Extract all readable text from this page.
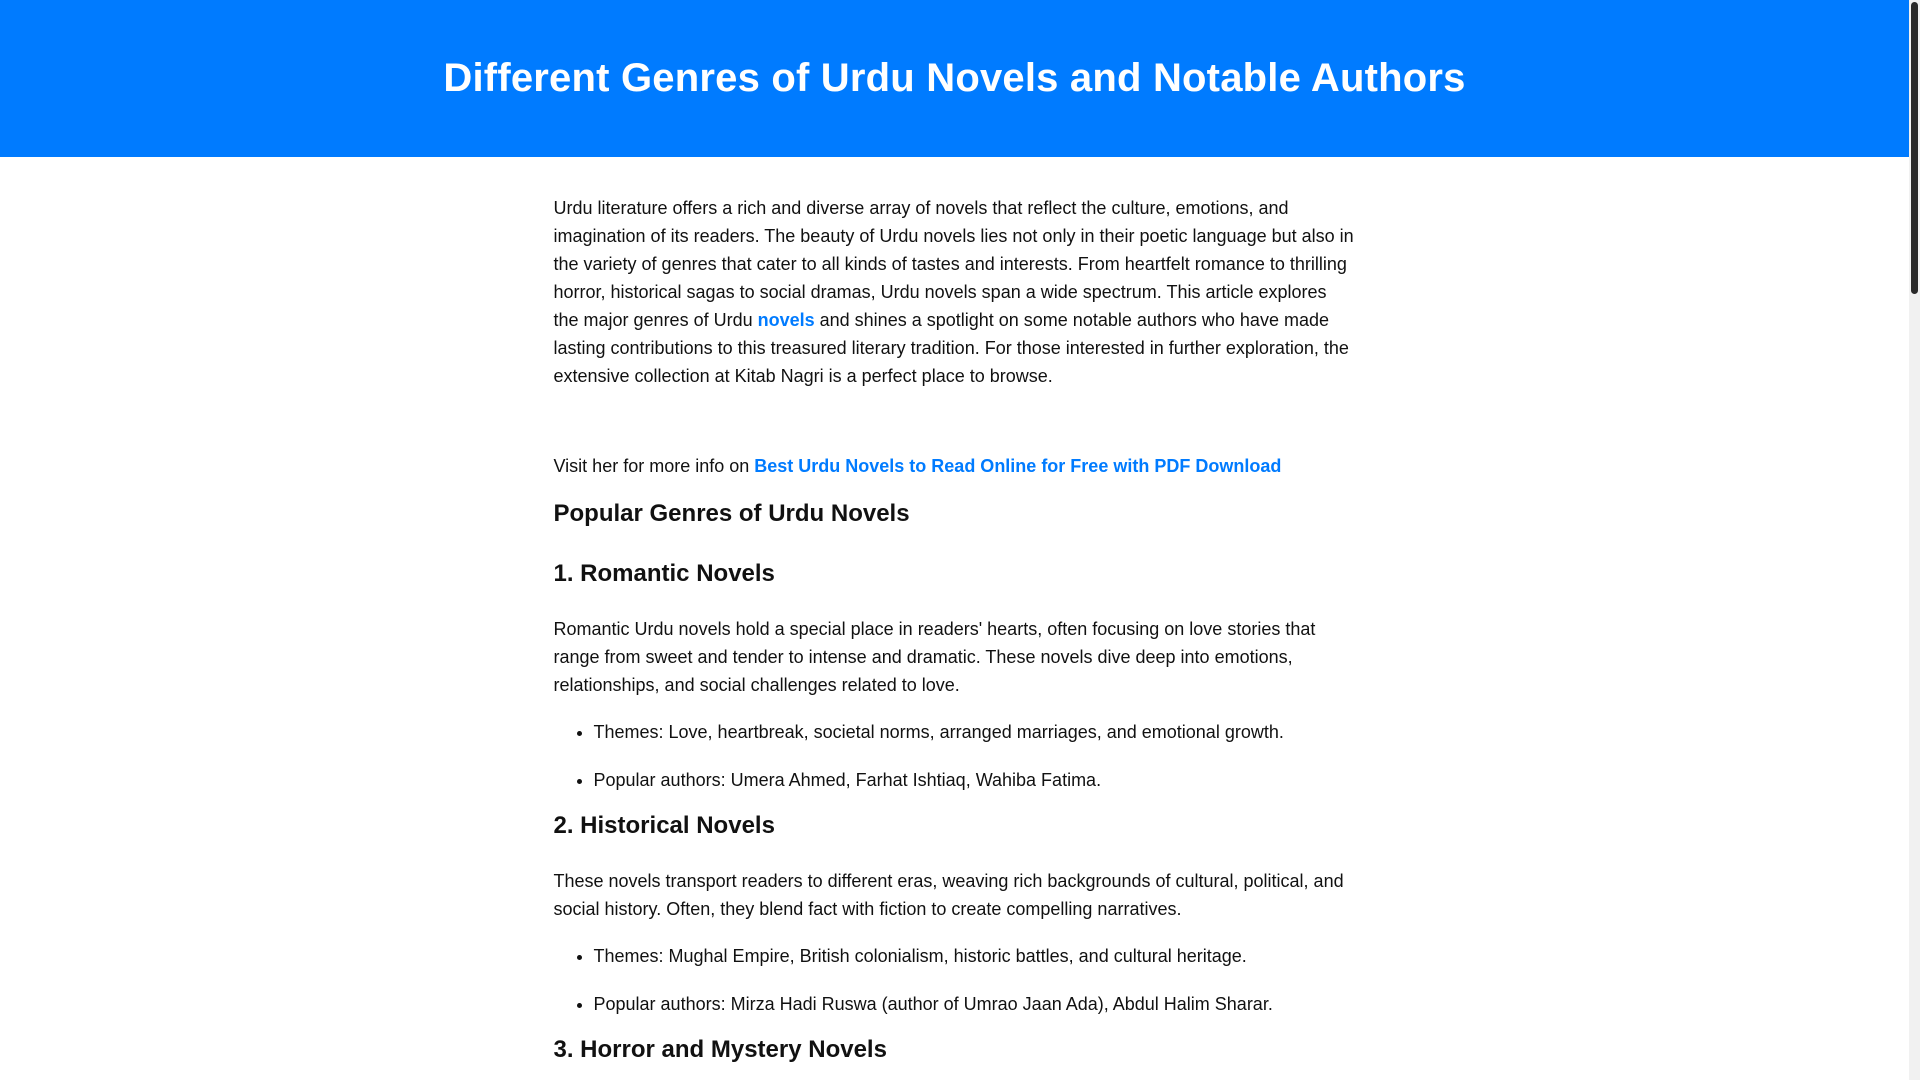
Different Genres of Urdu Novels and Notable Authors

Urdu literature offers a rich and diverse array of novels that reflect the culture, emotions, and imagination of its readers. The beauty of Urdu novels lies not only in their poetic language but also in the variety of genres that cater to all kinds of tastes and interests. From heartfelt romance to thrilling horror, historical sagas to social dramas, Urdu novels span a wide spectrum. This article explores the major genres of Urdu novels and shines a spotlight on some notable authors who have made lasting contributions to this treasured literary tradition. For those interested in further exploration, the extensive collection at Kitab Nagri is a perfect place to browse.

Visit her for more info on Best Urdu Novels to Read Online for Free with PDF Download

Popular Genres of Urdu Novels
1. Romantic Novels

Romantic Urdu novels hold a special place in readers' hearts, often focusing on love stories that range from sweet and tender to intense and dramatic. These novels dive deep into emotions, relationships, and social challenges related to love.

• Themes: Love, heartbreak, societal norms, arranged marriages, and emotional growth.
• Popular authors: Umera Ahmed, Farhat Ishtiaq, Wahiba Fatima.
2. Historical Novels

These novels transport readers to different eras, weaving rich backgrounds of cultural, political, and social history. Often, they blend fact with fiction to create compelling narratives.

• Themes: Mughal Empire, British colonialism, historic battles, and cultural heritage.
• Popular authors: Mirza Hadi Ruswa (author of Umrao Jaan Ada), Abdul Halim Sharar.
3. Horror and Mystery Novels
